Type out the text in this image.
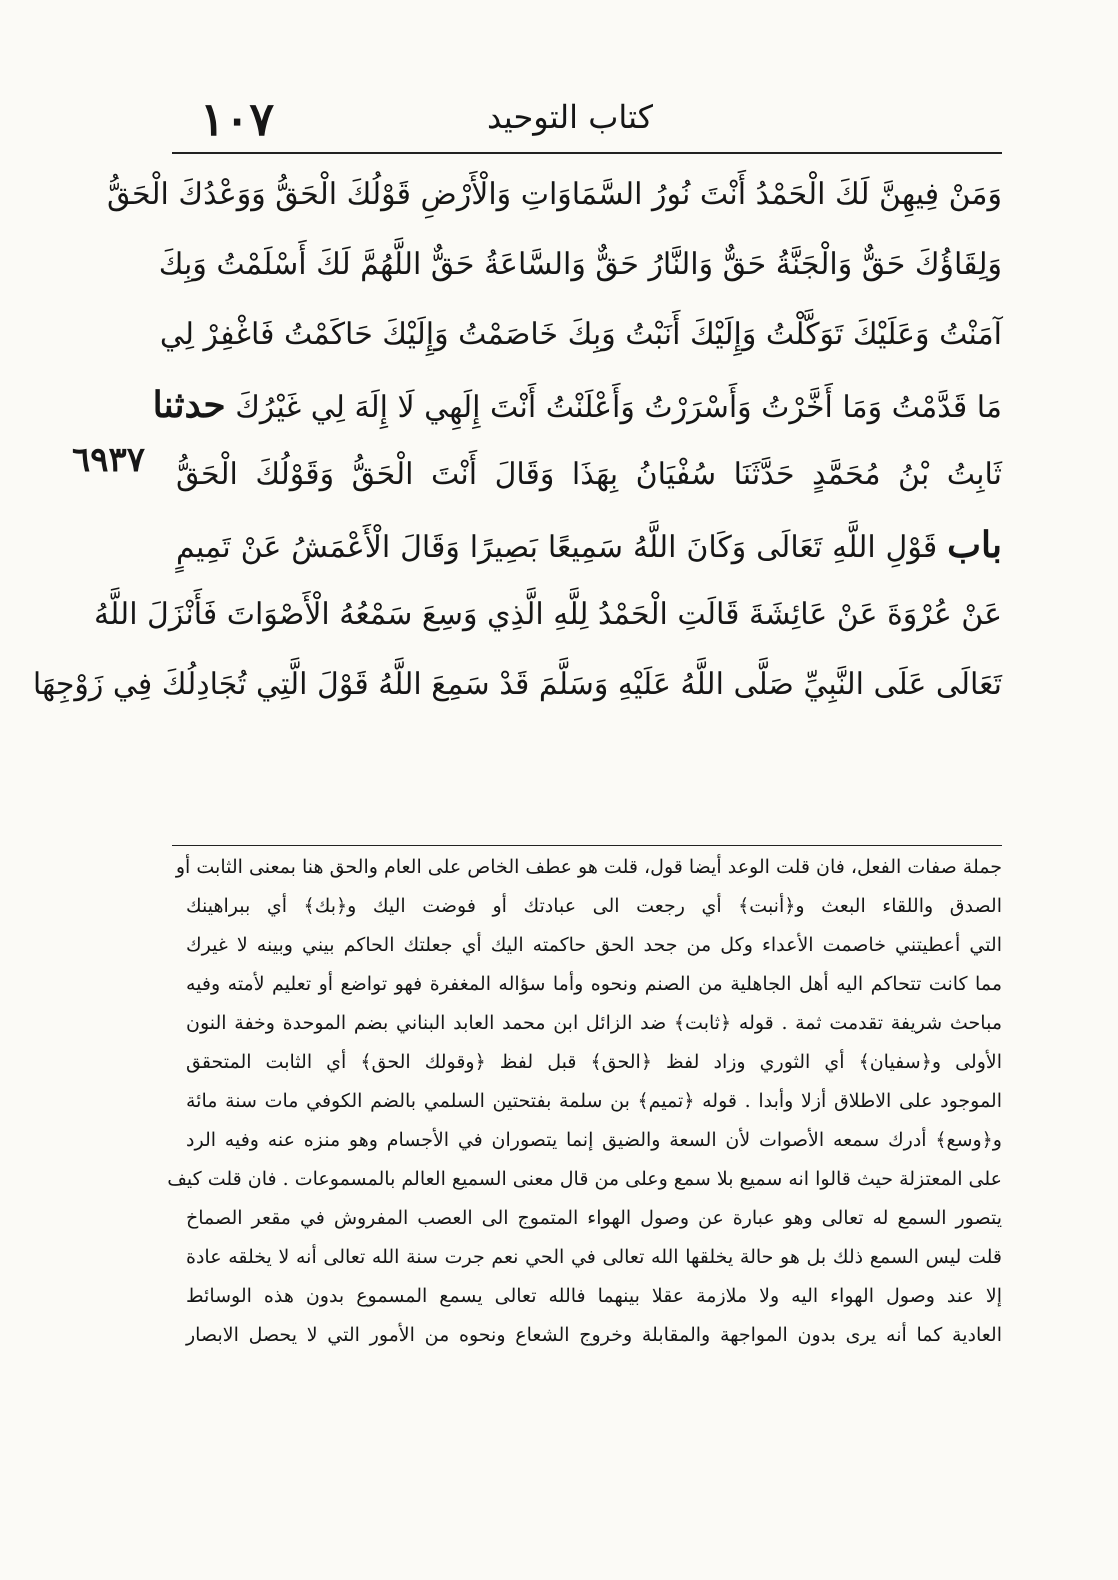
١٠٧	كتاب التوحيد
٦٩٣٧
وَمَنْ فِيهِنَّ لَكَ الْحَمْدُ أَنْتَ نُورُ السَّمَاوَاتِ وَالْأَرْضِ قَوْلُكَ الْحَقُّ وَوَعْدُكَ الْحَقُّ
وَلِقَاؤُكَ حَقٌّ وَالْجَنَّةُ حَقٌّ وَالنَّارُ حَقٌّ وَالسَّاعَةُ حَقٌّ اللَّهُمَّ لَكَ أَسْلَمْتُ وَبِكَ
آمَنْتُ وَعَلَيْكَ تَوَكَّلْتُ وَإِلَيْكَ أَنَبْتُ وَبِكَ خَاصَمْتُ وَإِلَيْكَ حَاكَمْتُ فَاغْفِرْ لِي
مَا قَدَّمْتُ وَمَا أَخَّرْتُ وَأَسْرَرْتُ وَأَعْلَنْتُ أَنْتَ إِلَهِي لَا إِلَهَ لِي غَيْرُكَ حدثنا
ثَابِتُ بْنُ مُحَمَّدٍ حَدَّثَنَا سُفْيَانُ بِهَذَا وَقَالَ أَنْتَ الْحَقُّ وَقَوْلُكَ الْحَقُّ
باب قَوْلِ اللَّهِ تَعَالَى وَكَانَ اللَّهُ سَمِيعًا بَصِيرًا وَقَالَ الْأَعْمَشُ عَنْ تَمِيمٍ
عَنْ عُرْوَةَ عَنْ عَائِشَةَ قَالَتِ الْحَمْدُ لِلَّهِ الَّذِي وَسِعَ سَمْعُهُ الْأَصْوَاتَ فَأَنْزَلَ اللَّهُ
تَعَالَى عَلَى النَّبِيِّ صَلَّى اللَّهُ عَلَيْهِ وَسَلَّمَ قَدْ سَمِعَ اللَّهُ قَوْلَ الَّتِي تُجَادِلُكَ فِي زَوْجِهَا
جملة صفات الفعل، فان قلت الوعد أيضا قول، قلت هو عطف الخاص على العام والحق هنا بمعنى الثابت أو
الصدق واللقاء البعث و﴿أنبت﴾ أي رجعت الى عبادتك أو فوضت اليك و﴿بك﴾ أي ببراهينك
التي أعطيتني خاصمت الأعداء وكل من جحد الحق حاكمته اليك أي جعلتك الحاكم بيني وبينه لا غيرك
مما كانت تتحاكم اليه أهل الجاهلية من الصنم ونحوه وأما سؤاله المغفرة فهو تواضع أو تعليم لأمته وفيه
مباحث شريفة تقدمت ثمة . قوله ﴿ثابت﴾ ضد الزائل ابن محمد العابد البناني بضم الموحدة وخفة النون
الأولى و﴿سفيان﴾ أي الثوري وزاد لفظ ﴿الحق﴾ قبل لفظ ﴿وقولك الحق﴾ أي الثابت المتحقق
الموجود على الاطلاق أزلا وأبدا . قوله ﴿تميم﴾ بن سلمة بفتحتين السلمي بالضم الكوفي مات سنة مائة
و﴿وسع﴾ أدرك سمعه الأصوات لأن السعة والضيق إنما يتصوران في الأجسام وهو منزه عنه وفيه الرد
على المعتزلة حيث قالوا انه سميع بلا سمع وعلى من قال معنى السميع العالم بالمسموعات . فان قلت كيف
يتصور السمع له تعالى وهو عبارة عن وصول الهواء المتموج الى العصب المفروش في مقعر الصماخ
قلت ليس السمع ذلك بل هو حالة يخلقها الله تعالى في الحي نعم جرت سنة الله تعالى أنه لا يخلقه عادة
إلا عند وصول الهواء اليه ولا ملازمة عقلا بينهما فالله تعالى يسمع المسموع بدون هذه الوسائط
العادية كما أنه يرى بدون المواجهة والمقابلة وخروج الشعاع ونحوه من الأمور التي لا يحصل الابصار
